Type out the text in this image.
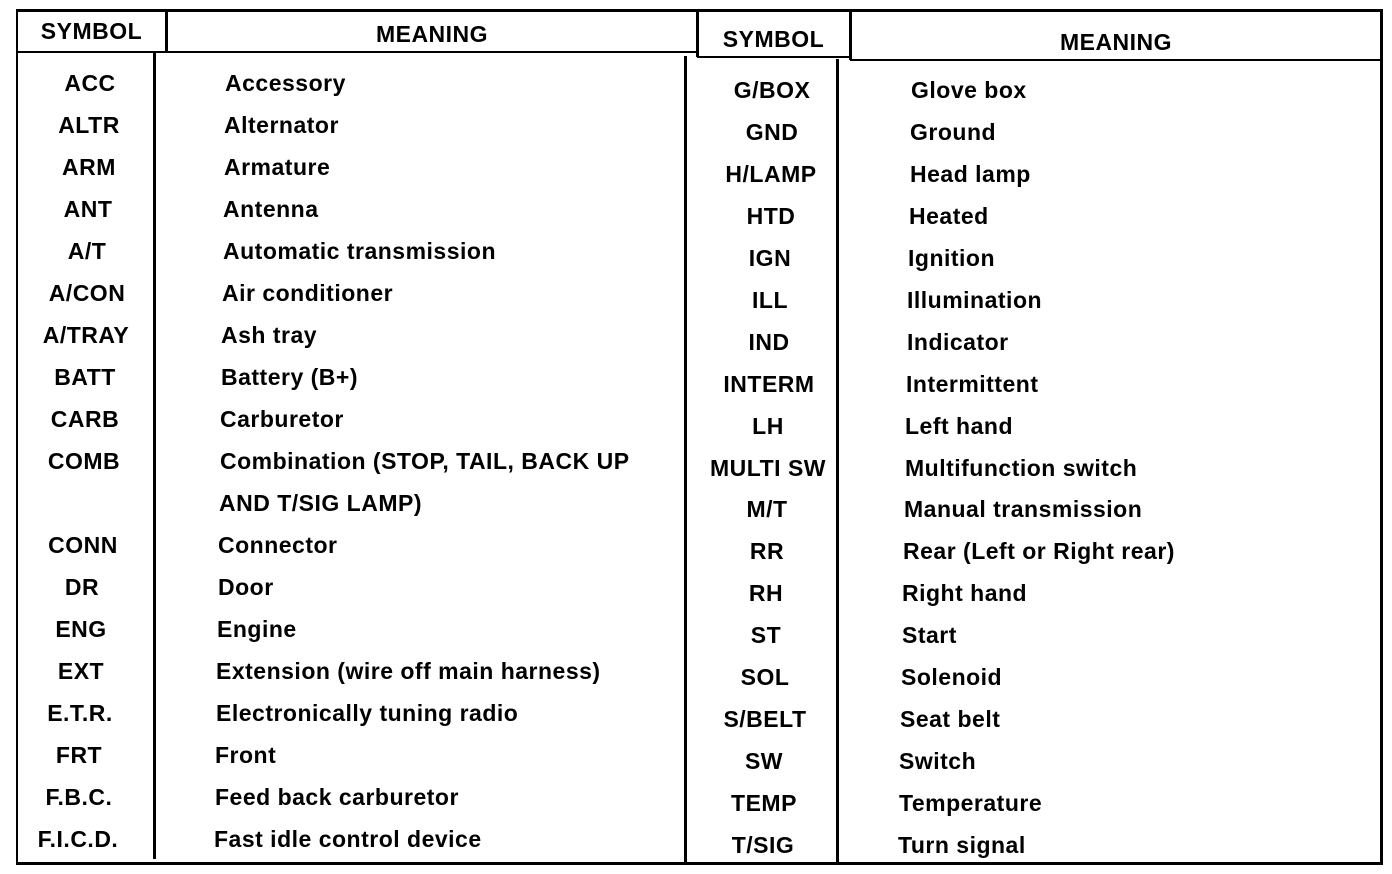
SYMBOL	MEANING	SYMBOL	MEANING
ACC	Accessory
ALTR	Alternator
ARM	Armature
ANT	Antenna
A/T	Automatic transmission
A/CON	Air conditioner
A/TRAY	Ash tray
BATT	Battery (B+)
CARB	Carburetor
COMB	Combination (STOP, TAIL, BACK UP
AND T/SIG LAMP)
CONN	Connector
DR	Door
ENG	Engine
EXT	Extension (wire off main harness)
E.T.R.	Electronically tuning radio
FRT	Front
F.B.C.	Feed back carburetor
F.I.C.D.	Fast idle control device
G/BOX	Glove box
GND	Ground
H/LAMP	Head lamp
HTD	Heated
IGN	Ignition
ILL	Illumination
IND	Indicator
INTERM	Intermittent
LH	Left hand
MULTI SW	Multifunction switch
M/T	Manual transmission
RR	Rear (Left or Right rear)
RH	Right hand
ST	Start
SOL	Solenoid
S/BELT	Seat belt
SW	Switch
TEMP	Temperature
T/SIG	Turn signal
